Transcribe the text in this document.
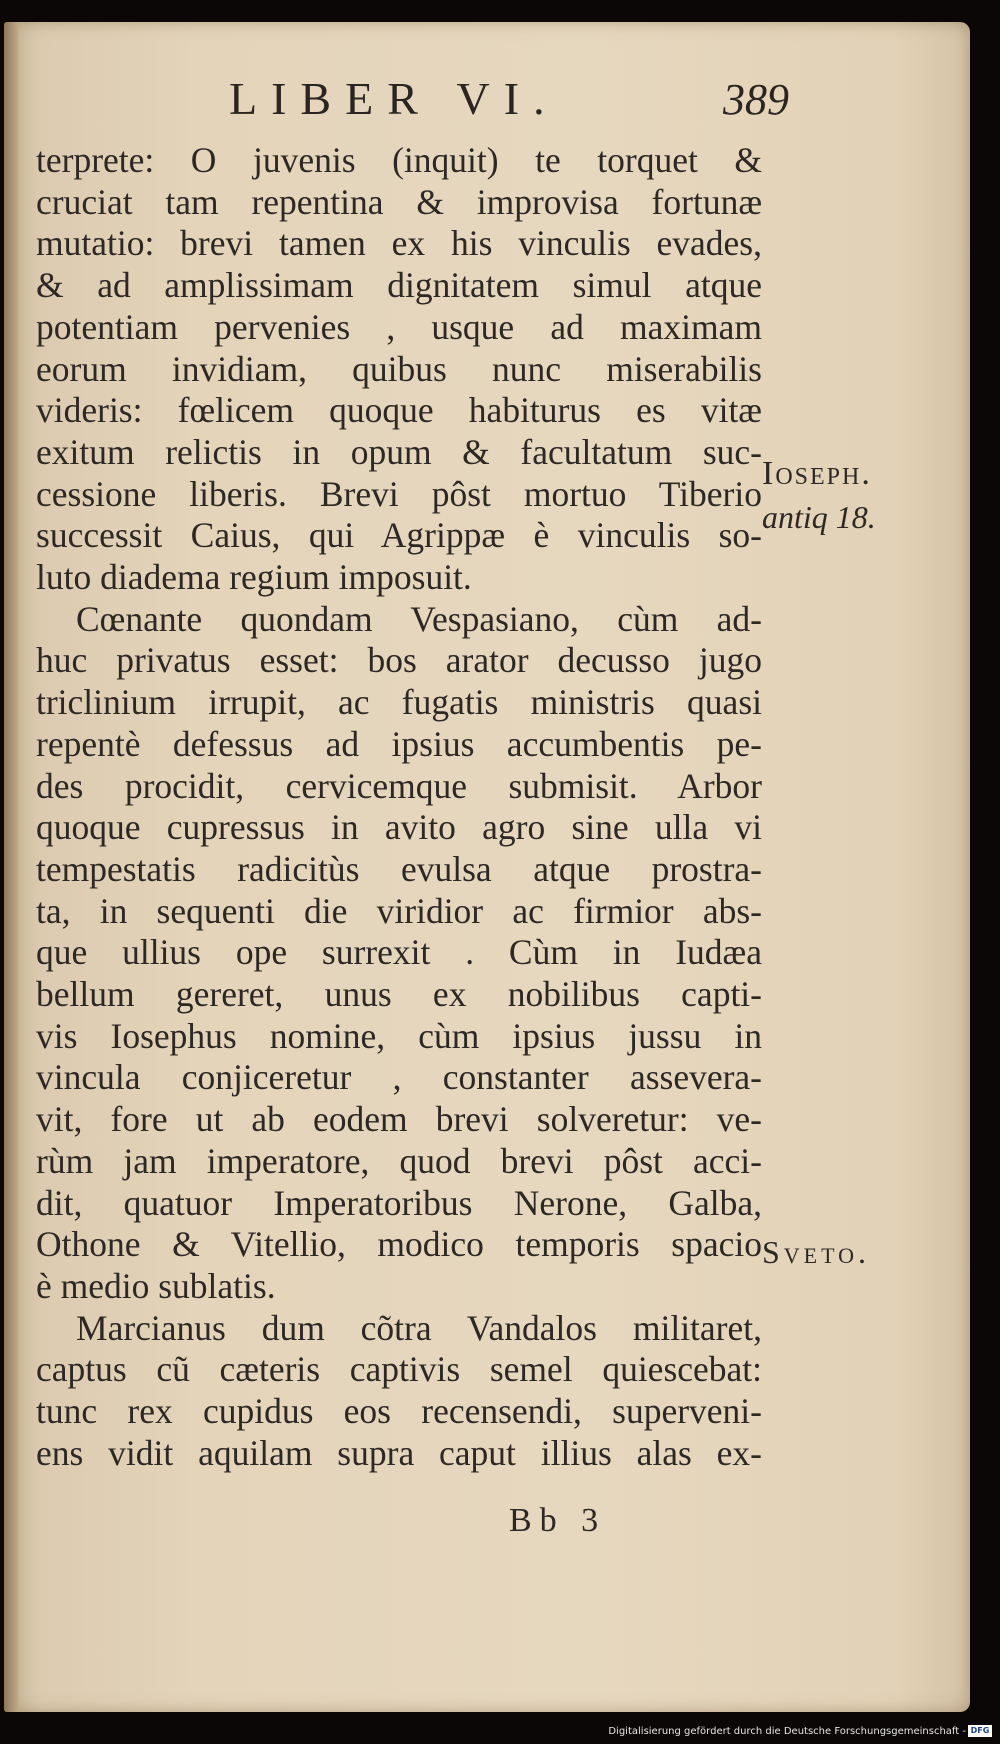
LIBER VI.	389
terprete: O juvenis (inquit) te torquet &
cruciat tam repentina & improvisa fortunæ
mutatio: brevi tamen ex his vinculis evades,
& ad amplissimam dignitatem simul atque
potentiam pervenies , usque ad maximam
eorum invidiam, quibus nunc miserabilis
videris: fœlicem quoque habiturus es vitæ
exitum relictis in opum & facultatum suc-
cessione liberis. Brevi pôst mortuo Tiberio
successit Caius, qui Agrippæ è vinculis so-
luto diadema regium imposuit.
Cœnante quondam Vespasiano, cùm ad-
huc privatus esset: bos arator decusso jugo
triclinium irrupit, ac fugatis ministris quasi
repentè defessus ad ipsius accumbentis pe-
des procidit, cervicemque submisit. Arbor
quoque cupressus in avito agro sine ulla vi
tempestatis radicitùs evulsa atque prostra-
ta, in sequenti die viridior ac firmior abs-
que ullius ope surrexit . Cùm in Iudæa
bellum gereret, unus ex nobilibus capti-
vis Iosephus nomine, cùm ipsius jussu in
vincula conjiceretur , constanter asseverа-
vit, fore ut ab eodem brevi solveretur: ve-
rùm jam imperatore, quod brevi pôst acci-
dit, quatuor Imperatoribus Nerone, Galba,
Othone & Vitellio, modico temporis spacio
è medio sublatis.
Marcianus dum cõtra Vandalos militaret,
captus cũ cæteris captivis semel quiescebat:
tunc rex cupidus eos recensendi, superveni-
ens vidit aquilam supra caput illius alas ex-
Ioseph.
antiq 18.
Sveto.
Bb 3
Digitalisierung gefördert durch die Deutsche Forschungsgemeinschaft - DFG
